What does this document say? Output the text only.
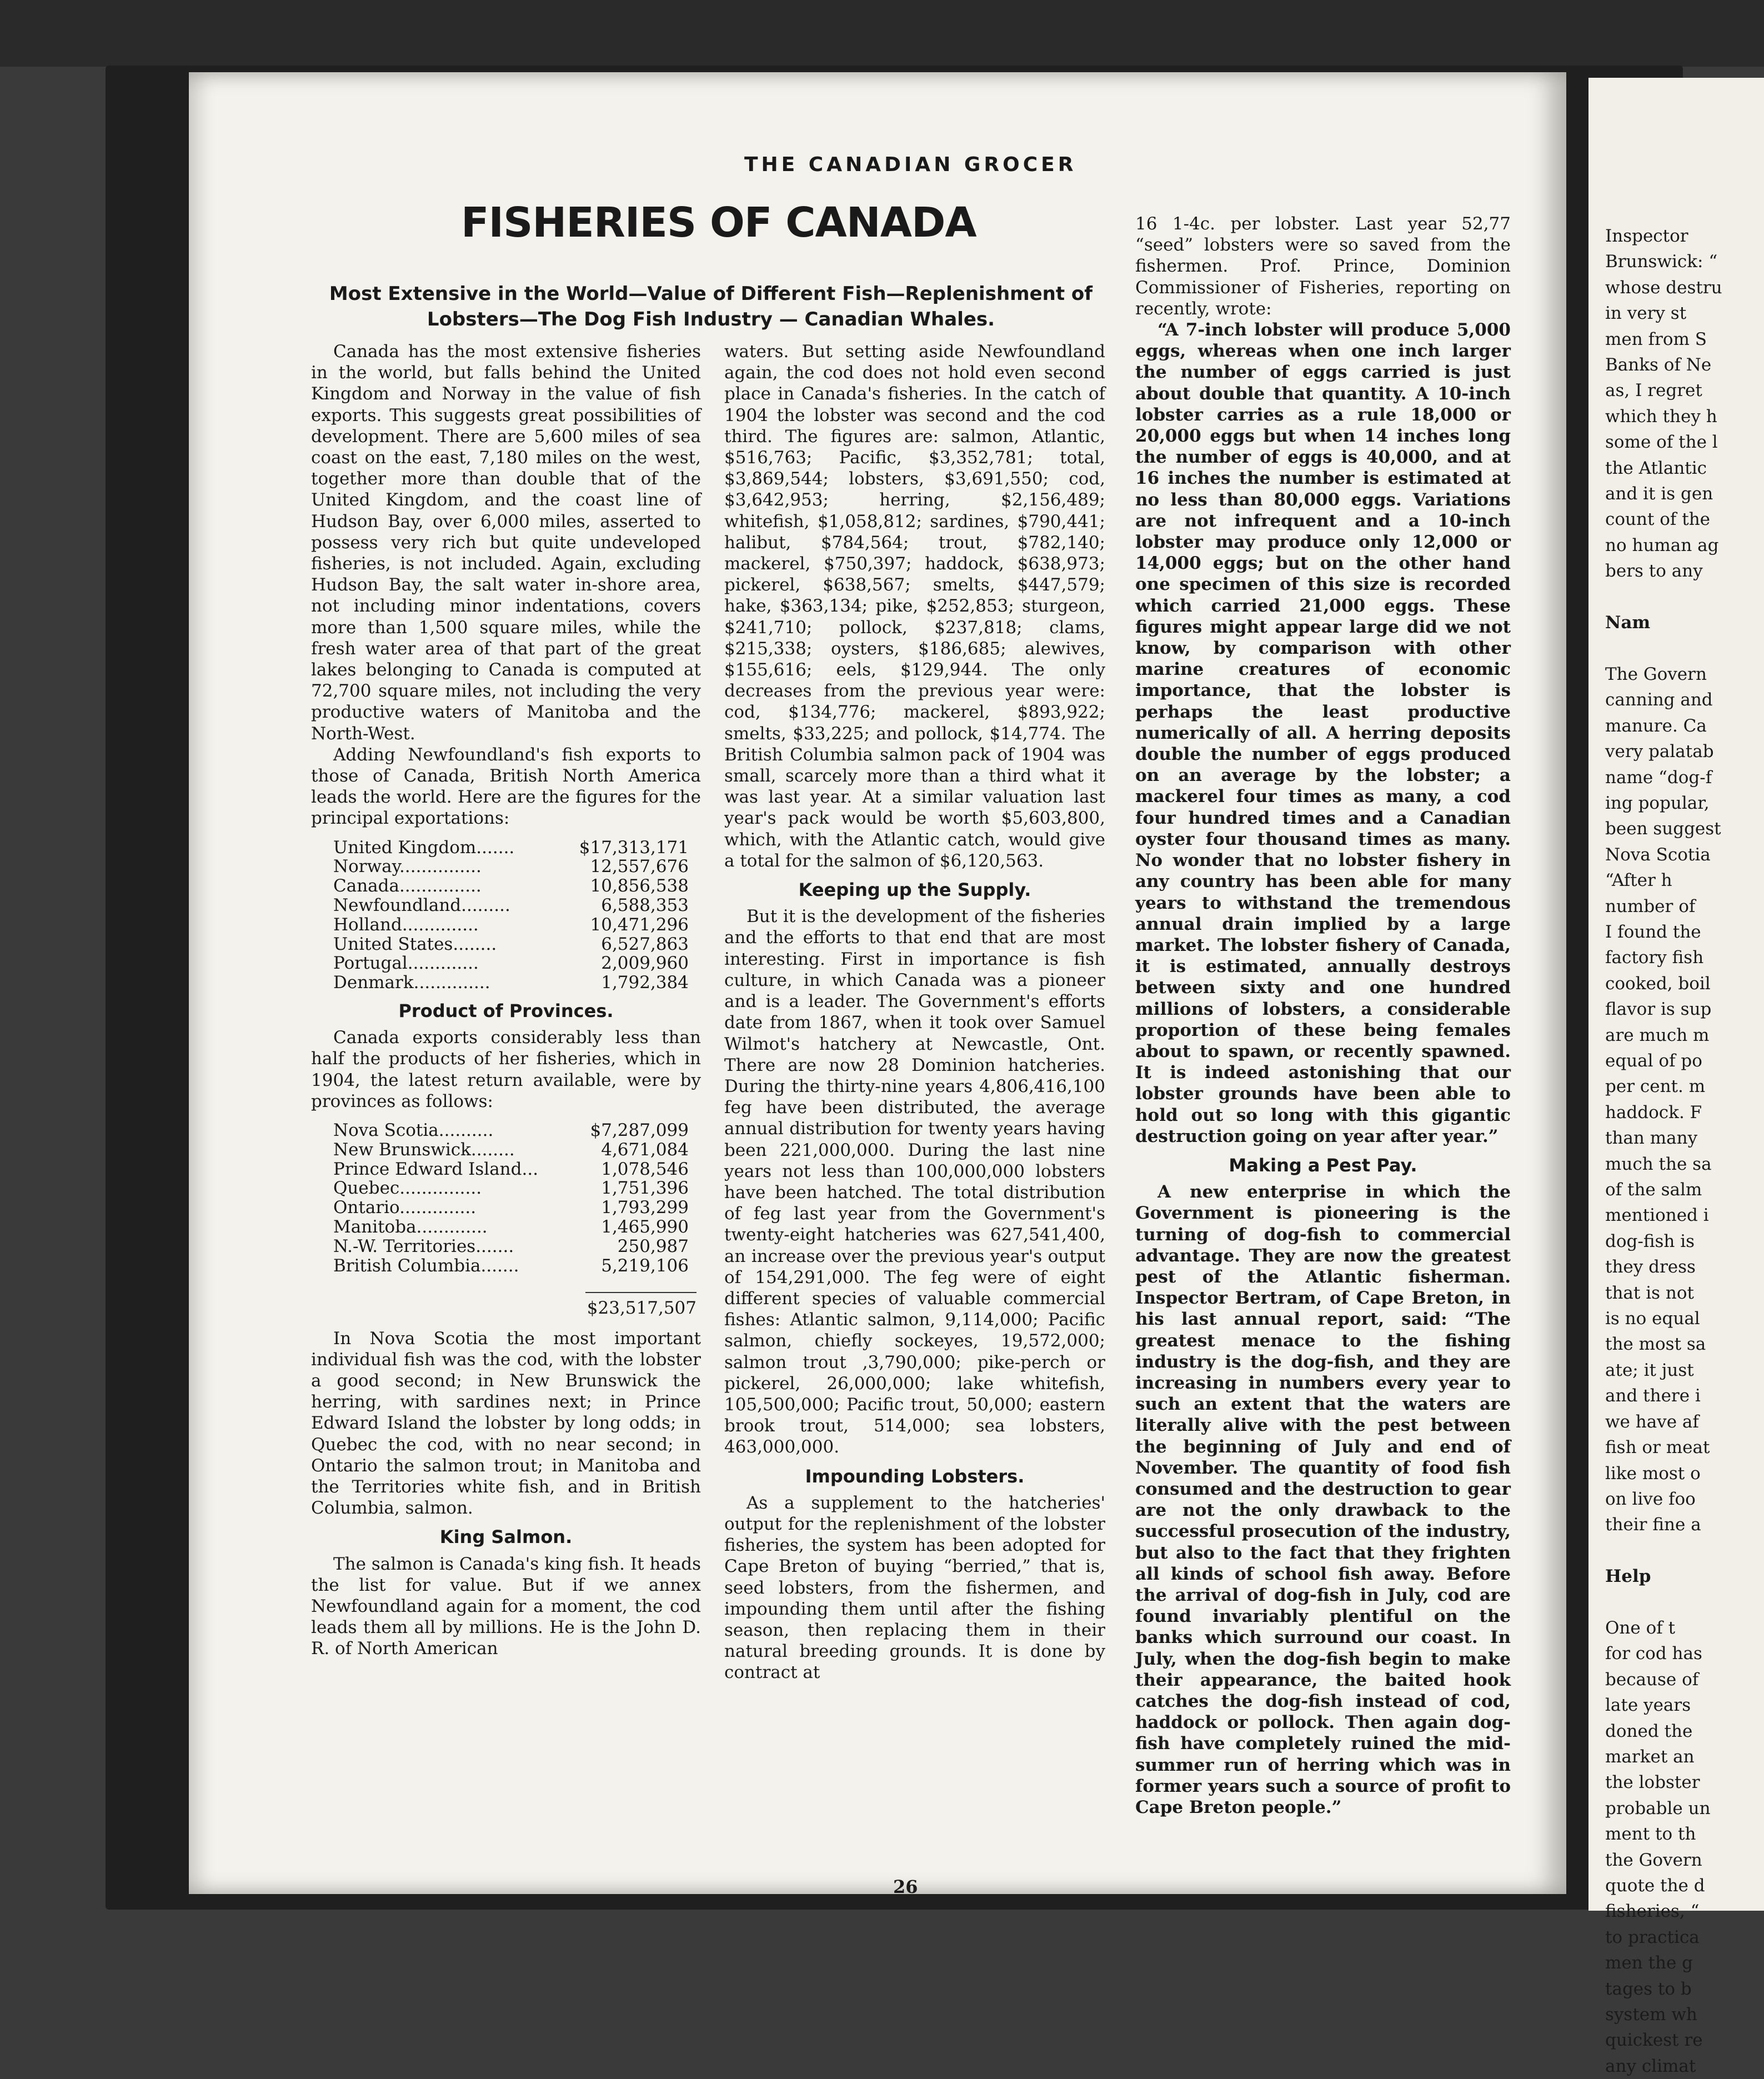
Inspector
Brunswick: “
whose destru
in very st
men from S
Banks of Ne
as, I regret
which they h
some of the l
the Atlantic
and it is gen
count of the
no human ag
bers to any

Nam

The Govern
canning and
manure. Ca
very palatab
name “dog-f
ing popular,
been suggest
Nova Scotia
“After h
number of
I found the
factory fish
cooked, boil
flavor is sup
are much m
equal of po
per cent. m
haddock. F
than many
much the sa
of the salm
mentioned i
dog-fish is
they dress
that is not
is no equal
the most sa
ate; it just
and there i
we have af
fish or meat
like most o
on live foo
their fine a

Help

One of t
for cod has
because of
late years
doned the
market an
the lobster
probable un
ment to th
the Govern
quote the d
fisheries, “
to practica
men the g
tages to b
system wh
quickest re
any climat
THE CANADIAN GROCER
FISHERIES OF CANADA
Most Extensive in the World—Value of Different Fish—Replenishment of Lobsters—The Dog Fish Industry — Canadian Whales.

Canada has the most extensive fisheries in the world, but falls behind the United Kingdom and Norway in the value of fish exports. This suggests great possibilities of development. There are 5,600 miles of sea coast on the east, 7,180 miles on the west, together more than double that of the United Kingdom, and the coast line of Hudson Bay, over 6,000 miles, asserted to possess very rich but quite undeveloped fisheries, is not included. Again, excluding Hudson Bay, the salt water in-shore area, not including minor indentations, covers more than 1,500 square miles, while the fresh water area of that part of the great lakes belonging to Canada is computed at 72,700 square miles, not including the very productive waters of Manitoba and the North-West.

Adding Newfoundland's fish exports to those of Canada, British North America leads the world. Here are the figures for the principal exportations:

United Kingdom.......	$17,313,171
Norway...............	12,557,676
Canada...............	10,856,538
Newfoundland.........	6,588,353
Holland..............	10,471,296
United States........	6,527,863
Portugal.............	2,009,960
Denmark..............	1,792,384
Product of Provinces.

Canada exports considerably less than half the products of her fisheries, which in 1904, the latest return available, were by provinces as follows:

Nova Scotia..........	$7,287,099
New Brunswick........	4,671,084
Prince Edward Island...	1,078,546
Quebec...............	1,751,396
Ontario..............	1,793,299
Manitoba.............	1,465,990
N.-W. Territories.......	250,987
British Columbia.......	5,219,106
$23,517,507

In Nova Scotia the most important individual fish was the cod, with the lobster a good second; in New Brunswick the herring, with sardines next; in Prince Edward Island the lobster by long odds; in Quebec the cod, with no near second; in Ontario the salmon trout; in Manitoba and the Territories white fish, and in British Columbia, salmon.

King Salmon.

The salmon is Canada's king fish. It heads the list for value. But if we annex Newfoundland again for a moment, the cod leads them all by millions. He is the John D. R. of North American

waters. But setting aside Newfoundland again, the cod does not hold even second place in Canada's fisheries. In the catch of 1904 the lobster was second and the cod third. The figures are: salmon, Atlantic, $516,763; Pacific, $3,352,781; total, $3,869,544; lobsters, $3,691,550; cod, $3,642,953; herring, $2,156,489; whitefish, $1,058,812; sardines, $790,441; halibut, $784,564; trout, $782,140; mackerel, $750,397; haddock, $638,973; pickerel, $638,567; smelts, $447,579; hake, $363,134; pike, $252,853; sturgeon, $241,710; pollock, $237,818; clams, $215,338; oysters, $186,685; alewives, $155,616; eels, $129,944. The only decreases from the previous year were: cod, $134,776; mackerel, $893,922; smelts, $33,225; and pollock, $14,774. The British Columbia salmon pack of 1904 was small, scarcely more than a third what it was last year. At a similar valuation last year's pack would be worth $5,603,800, which, with the Atlantic catch, would give a total for the salmon of $6,120,563.

Keeping up the Supply.

But it is the development of the fisheries and the efforts to that end that are most interesting. First in importance is fish culture, in which Canada was a pioneer and is a leader. The Government's efforts date from 1867, when it took over Samuel Wilmot's hatchery at Newcastle, Ont. There are now 28 Dominion hatcheries. During the thirty-nine years 4,806,416,100 feg have been distributed, the average annual distribution for twenty years having been 221,000,000. During the last nine years not less than 100,000,000 lobsters have been hatched. The total distribution of feg last year from the Government's twenty-eight hatcheries was 627,541,400, an increase over the previous year's output of 154,291,000. The feg were of eight different species of valuable commercial fishes: Atlantic salmon, 9,114,000; Pacific salmon, chiefly sockeyes, 19,572,000; salmon trout ,3,790,000; pike-perch or pickerel, 26,000,000; lake whitefish, 105,500,000; Pacific trout, 50,000; eastern brook trout, 514,000; sea lobsters, 463,000,000.

Impounding Lobsters.

As a supplement to the hatcheries' output for the replenishment of the lobster fisheries, the system has been adopted for Cape Breton of buying “berried,” that is, seed lobsters, from the fishermen, and impounding them until after the fishing season, then replacing them in their natural breeding grounds. It is done by contract at

16 1-4c. per lobster. Last year 52,77 “seed” lobsters were so saved from the fishermen. Prof. Prince, Dominion Commissioner of Fisheries, reporting on recently, wrote:

“A 7-inch lobster will produce 5,000 eggs, whereas when one inch larger the number of eggs carried is just about double that quantity. A 10-inch lobster carries as a rule 18,000 or 20,000 eggs but when 14 inches long the number of eggs is 40,000, and at 16 inches the number is estimated at no less than 80,000 eggs. Variations are not infrequent and a 10-inch lobster may produce only 12,000 or 14,000 eggs; but on the other hand one specimen of this size is recorded which carried 21,000 eggs. These figures might appear large did we not know, by comparison with other marine creatures of economic importance, that the lobster is perhaps the least productive numerically of all. A herring deposits double the number of eggs produced on an average by the lobster; a mackerel four times as many, a cod four hundred times and a Canadian oyster four thousand times as many. No wonder that no lobster fishery in any country has been able for many years to withstand the tremendous annual drain implied by a large market. The lobster fishery of Canada, it is estimated, annually destroys between sixty and one hundred millions of lobsters, a considerable proportion of these being females about to spawn, or recently spawned. It is indeed astonishing that our lobster grounds have been able to hold out so long with this gigantic destruction going on year after year.”

Making a Pest Pay.

A new enterprise in which the Government is pioneering is the turning of dog-fish to commercial advantage. They are now the greatest pest of the Atlantic fisherman. Inspector Bertram, of Cape Breton, in his last annual report, said: “The greatest menace to the fishing industry is the dog-fish, and they are increasing in numbers every year to such an extent that the waters are literally alive with the pest between the beginning of July and end of November. The quantity of food fish consumed and the destruction to gear are not the only drawback to the successful prosecution of the industry, but also to the fact that they frighten all kinds of school fish away. Before the arrival of dog-fish in July, cod are found invariably plentiful on the banks which surround our coast. In July, when the dog-fish begin to make their appearance, the baited hook catches the dog-fish instead of cod, haddock or pollock. Then again dog-fish have completely ruined the mid-summer run of herring which was in former years such a source of profit to Cape Breton people.”

26
